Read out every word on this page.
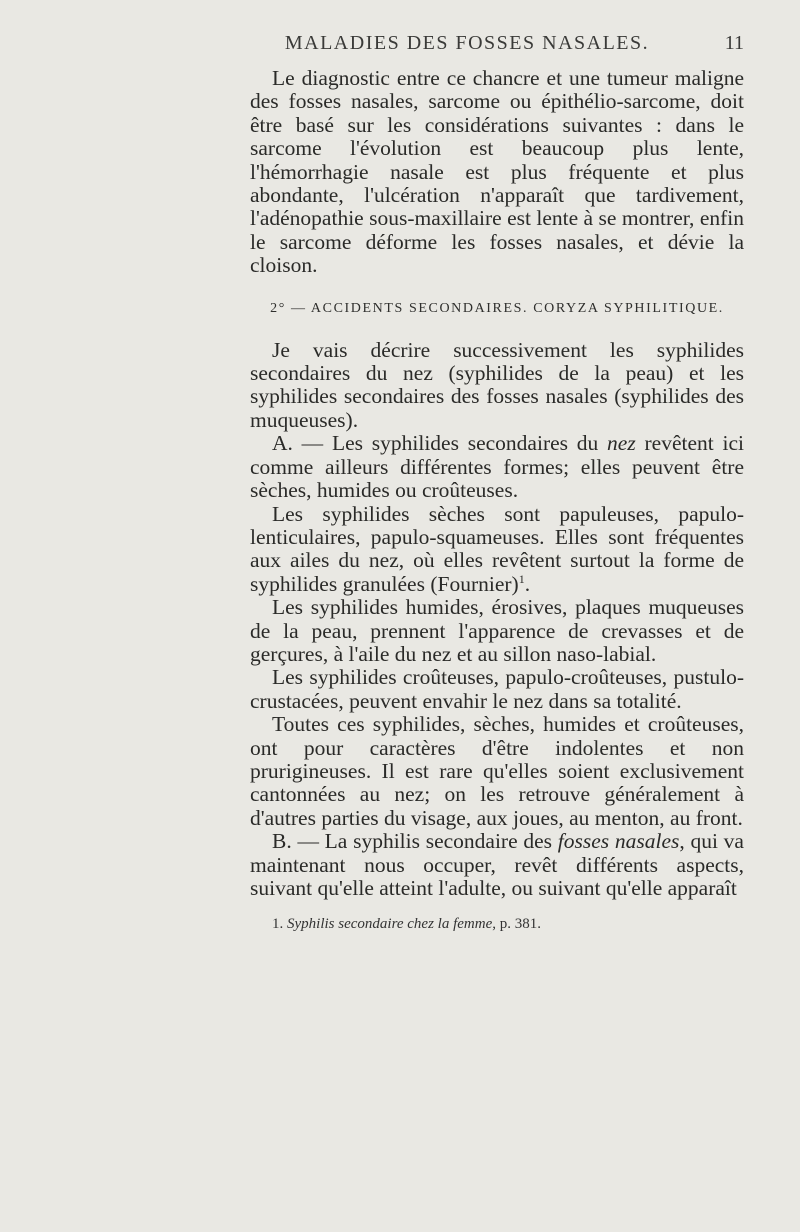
MALADIES DES FOSSES NASALES.	11

Le diagnostic entre ce chancre et une tumeur maligne des fosses nasales, sarcome ou épithélio-sarcome, doit être basé sur les considérations suivantes : dans le sarcome l'évolution est beaucoup plus lente, l'hémorrhagie nasale est plus fréquente et plus abondante, l'ulcération n'apparaît que tardivement, l'adénopathie sous-maxillaire est lente à se montrer, enfin le sarcome déforme les fosses nasales, et dévie la cloison.

2° — ACCIDENTS SECONDAIRES. CORYZA SYPHILITIQUE.

Je vais décrire successivement les syphilides secondaires du nez (syphilides de la peau) et les syphilides secondaires des fosses nasales (syphilides des muqueuses).

A. — Les syphilides secondaires du nez revêtent ici comme ailleurs différentes formes; elles peuvent être sèches, humides ou croûteuses.

Les syphilides sèches sont papuleuses, papulo-lenticulaires, papulo-squameuses. Elles sont fréquentes aux ailes du nez, où elles revêtent surtout la forme de syphilides granulées (Fournier)$^1$.

Les syphilides humides, érosives, plaques muqueuses de la peau, prennent l'apparence de crevasses et de gerçures, à l'aile du nez et au sillon naso-labial.

Les syphilides croûteuses, papulo-croûteuses, pustulo-crustacées, peuvent envahir le nez dans sa totalité.

Toutes ces syphilides, sèches, humides et croûteuses, ont pour caractères d'être indolentes et non prurigineuses. Il est rare qu'elles soient exclusivement cantonnées au nez; on les retrouve généralement à d'autres parties du visage, aux joues, au menton, au front.

B. — La syphilis secondaire des fosses nasales, qui va maintenant nous occuper, revêt différents aspects, suivant qu'elle atteint l'adulte, ou suivant qu'elle apparaît

1. Syphilis secondaire chez la femme, p. 381.
